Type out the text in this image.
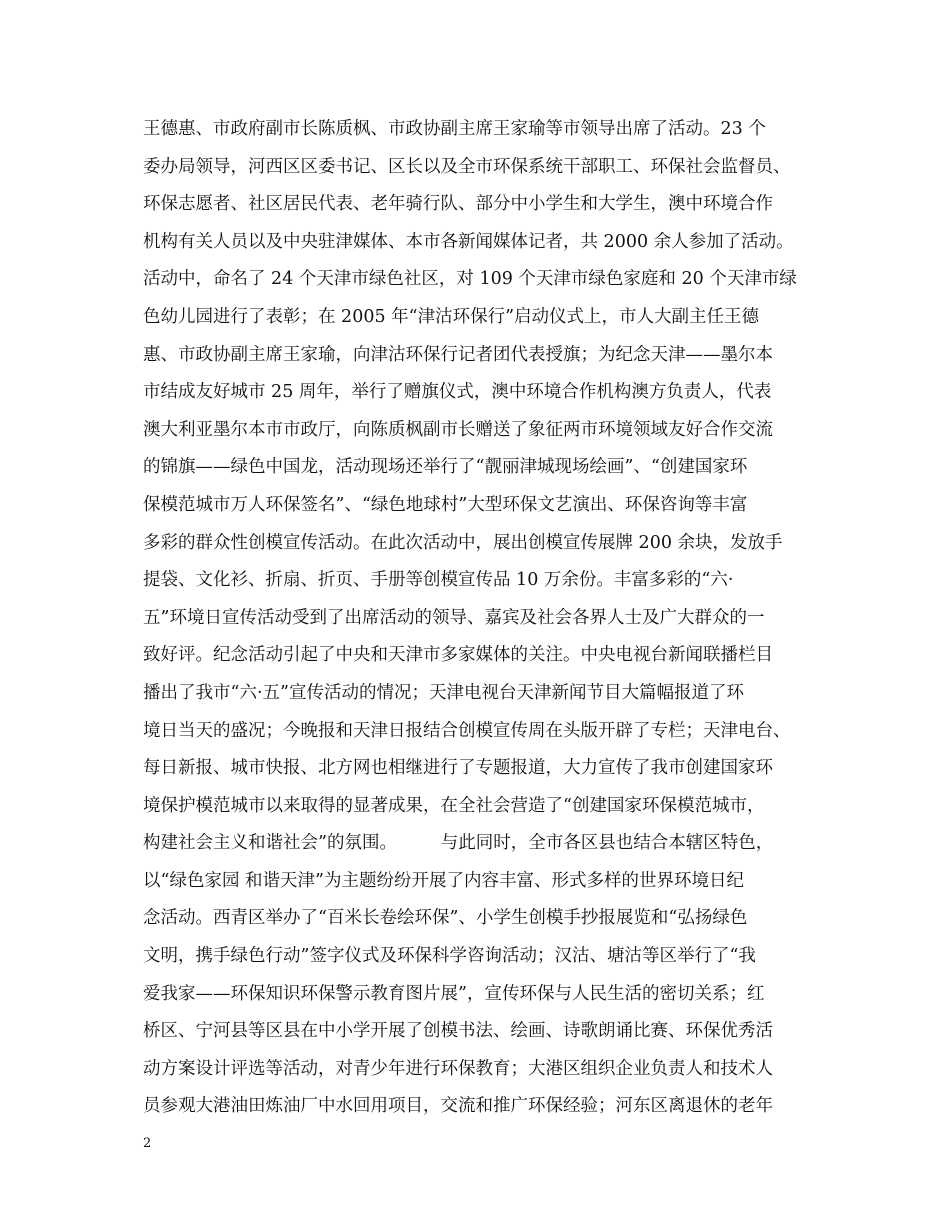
王德惠、市政府副市长陈质枫、市政协副主席王家瑜等市领导出席了活动。23 个
委办局领导，河西区区委书记、区长以及全市环保系统干部职工、环保社会监督员、
环保志愿者、社区居民代表、老年骑行队、部分中小学生和大学生，澳中环境合作
机构有关人员以及中央驻津媒体、本市各新闻媒体记者，共 2000 余人参加了活动。
活动中，命名了 24 个天津市绿色社区，对 109 个天津市绿色家庭和 20 个天津市绿
色幼儿园进行了表彰；在 2005 年“津沽环保行”启动仪式上，市人大副主任王德
惠、市政协副主席王家瑜，向津沽环保行记者团代表授旗；为纪念天津——墨尔本
市结成友好城市 25 周年，举行了赠旗仪式，澳中环境合作机构澳方负责人，代表
澳大利亚墨尔本市市政厅，向陈质枫副市长赠送了象征两市环境领域友好合作交流
的锦旗——绿色中国龙，活动现场还举行了“靓丽津城现场绘画”、“创建国家环
保模范城市万人环保签名”、“绿色地球村”大型环保文艺演出、环保咨询等丰富
多彩的群众性创模宣传活动。在此次活动中，展出创模宣传展牌 200 余块，发放手
提袋、文化衫、折扇、折页、手册等创模宣传品 10 万余份。丰富多彩的“六·
五”环境日宣传活动受到了出席活动的领导、嘉宾及社会各界人士及广大群众的一
致好评。纪念活动引起了中央和天津市多家媒体的关注。中央电视台新闻联播栏目
播出了我市“六·五”宣传活动的情况；天津电视台天津新闻节目大篇幅报道了环
境日当天的盛况；今晚报和天津日报结合创模宣传周在头版开辟了专栏；天津电台、
每日新报、城市快报、北方网也相继进行了专题报道，大力宣传了我市创建国家环
境保护模范城市以来取得的显著成果，在全社会营造了“创建国家环保模范城市，
构建社会主义和谐社会”的氛围。　　　与此同时，全市各区县也结合本辖区特色，
以“绿色家园 和谐天津”为主题纷纷开展了内容丰富、形式多样的世界环境日纪
念活动。西青区举办了“百米长卷绘环保”、小学生创模手抄报展览和“弘扬绿色
文明，携手绿色行动”签字仪式及环保科学咨询活动；汉沽、塘沽等区举行了“我
爱我家——环保知识环保警示教育图片展”，宣传环保与人民生活的密切关系；红
桥区、宁河县等区县在中小学开展了创模书法、绘画、诗歌朗诵比赛、环保优秀活
动方案设计评选等活动，对青少年进行环保教育；大港区组织企业负责人和技术人
员参观大港油田炼油厂中水回用项目，交流和推广环保经验；河东区离退休的老年
2
